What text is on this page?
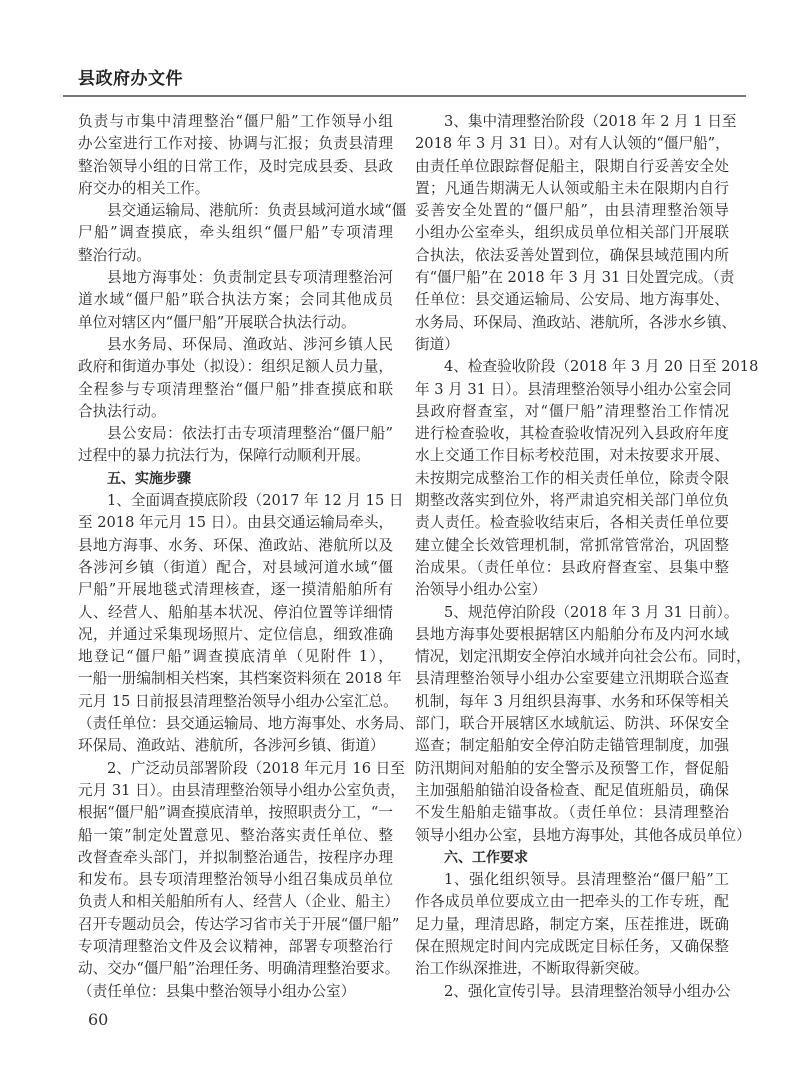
县政府办文件
负责与市集中清理整治“僵尸船”工作领导小组
办公室进行工作对接、协调与汇报；负责县清理
整治领导小组的日常工作，及时完成县委、县政
府交办的相关工作。
县交通运输局、港航所：负责县域河道水域“僵
尸船”调查摸底，牵头组织“僵尸船”专项清理
整治行动。
县地方海事处：负责制定县专项清理整治河
道水域“僵尸船”联合执法方案；会同其他成员
单位对辖区内“僵尸船”开展联合执法行动。
县水务局、环保局、渔政站、涉河乡镇人民
政府和街道办事处（拟设）：组织足额人员力量，
全程参与专项清理整治“僵尸船”排查摸底和联
合执法行动。
县公安局：依法打击专项清理整治“僵尸船”
过程中的暴力抗法行为，保障行动顺利开展。
五、实施步骤
1、全面调查摸底阶段（2017 年 12 月 15 日
至 2018 年元月 15 日）。由县交通运输局牵头，
县地方海事、水务、环保、渔政站、港航所以及
各涉河乡镇（街道）配合，对县域河道水域“僵
尸船”开展地毯式清理核查，逐一摸清船舶所有
人、经营人、船舶基本状况、停泊位置等详细情
况，并通过采集现场照片、定位信息，细致准确
地登记“僵尸船”调查摸底清单（见附件 1），
一船一册编制相关档案，其档案资料须在 2018 年
元月 15 日前报县清理整治领导小组办公室汇总。
（责任单位：县交通运输局、地方海事处、水务局、
环保局、渔政站、港航所，各涉河乡镇、街道）
2、广泛动员部署阶段（2018 年元月 16 日至
元月 31 日）。由县清理整治领导小组办公室负责，
根据“僵尸船”调查摸底清单，按照职责分工，“一
船一策”制定处置意见、整治落实责任单位、整
改督查牵头部门，并拟制整治通告，按程序办理
和发布。县专项清理整治领导小组召集成员单位
负责人和相关船舶所有人、经营人（企业、船主）
召开专题动员会，传达学习省市关于开展“僵尸船”
专项清理整治文件及会议精神，部署专项整治行
动、交办“僵尸船”治理任务、明确清理整治要求。
（责任单位：县集中整治领导小组办公室）
3、集中清理整治阶段（2018 年 2 月 1 日至
2018 年 3 月 31 日）。对有人认领的“僵尸船”，
由责任单位跟踪督促船主，限期自行妥善安全处
置；凡通告期满无人认领或船主未在限期内自行
妥善安全处置的“僵尸船”，由县清理整治领导
小组办公室牵头，组织成员单位相关部门开展联
合执法，依法妥善处置到位，确保县域范围内所
有“僵尸船”在 2018 年 3 月 31 日处置完成。（责
任单位：县交通运输局、公安局、地方海事处、
水务局、环保局、渔政站、港航所，各涉水乡镇、
街道）
4、检查验收阶段（2018 年 3 月 20 日至 2018
年 3 月 31 日）。县清理整治领导小组办公室会同
县政府督查室，对“僵尸船”清理整治工作情况
进行检查验收，其检查验收情况列入县政府年度
水上交通工作目标考校范围，对未按要求开展、
未按期完成整治工作的相关责任单位，除责令限
期整改落实到位外，将严肃追究相关部门单位负
责人责任。检查验收结束后，各相关责任单位要
建立健全长效管理机制，常抓常管常治，巩固整
治成果。（责任单位：县政府督查室、县集中整
治领导小组办公室）
5、规范停泊阶段（2018 年 3 月 31 日前）。
县地方海事处要根据辖区内船舶分布及内河水域
情况，划定汛期安全停泊水域并向社会公布。同时，
县清理整治领导小组办公室要建立汛期联合巡查
机制，每年 3 月组织县海事、水务和环保等相关
部门，联合开展辖区水域航运、防洪、环保安全
巡查；制定船舶安全停泊防走锚管理制度，加强
防汛期间对船舶的安全警示及预警工作，督促船
主加强船舶锚泊设备检查、配足值班船员，确保
不发生船舶走锚事故。（责任单位：县清理整治
领导小组办公室，县地方海事处，其他各成员单位）
六、工作要求
1、强化组织领导。县清理整治“僵尸船”工
作各成员单位要成立由一把牵头的工作专班，配
足力量，理清思路，制定方案，压茬推进，既确
保在照规定时间内完成既定目标任务，又确保整
治工作纵深推进，不断取得新突破。
2、强化宣传引导。县清理整治领导小组办公
60
